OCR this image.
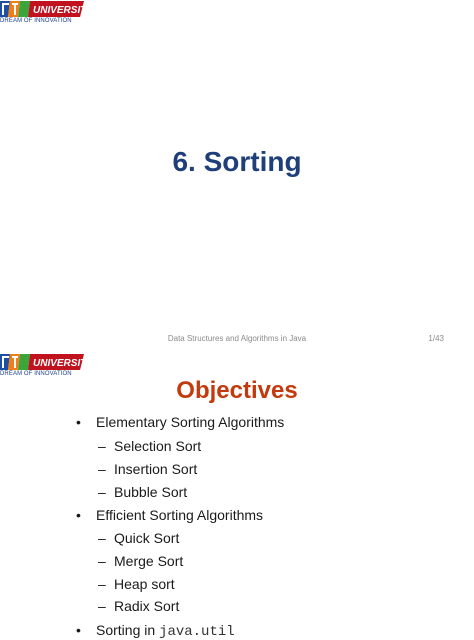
UNIVERSITY
DREAM OF INNOVATION
6. Sorting
Data Structures and Algorithms in Java	1/43
UNIVERSITY
DREAM OF INNOVATION
Objectives
• Elementary Sorting Algorithms
– Selection Sort
– Insertion Sort
– Bubble Sort
• Efficient Sorting Algorithms
– Quick Sort
– Merge Sort
– Heap sort
– Radix Sort
• Sorting in java.util
